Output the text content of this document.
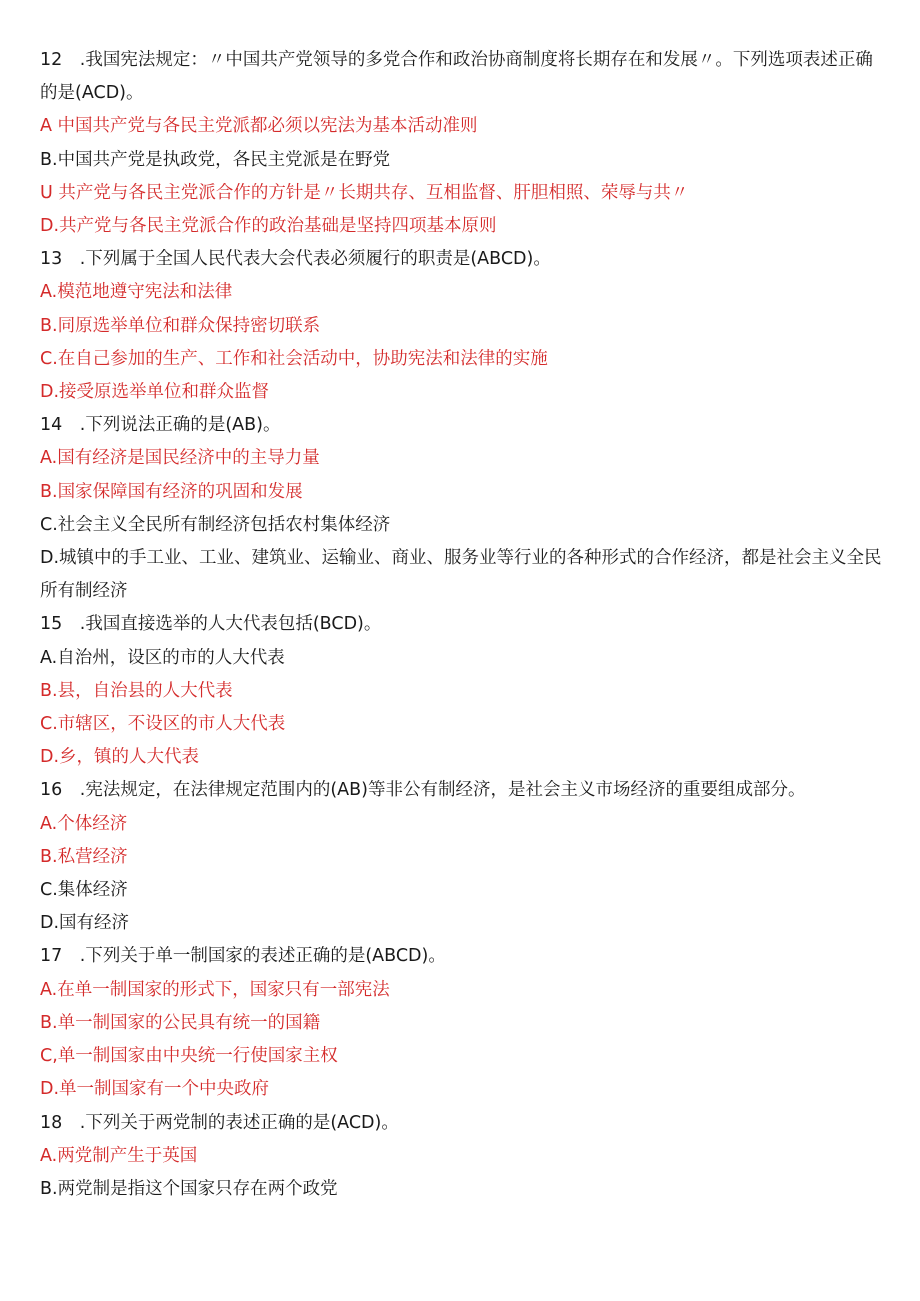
12　.我国宪法规定：〃中国共产党领导的多党合作和政治协商制度将长期存在和发展〃。下列选项表述正确的是(ACD)。

A 中国共产党与各民主党派都必须以宪法为基本活动准则

B.中国共产党是执政党，各民主党派是在野党

U 共产党与各民主党派合作的方针是〃长期共存、互相监督、肝胆相照、荣辱与共〃

D.共产党与各民主党派合作的政治基础是坚持四项基本原则

13　.下列属于全国人民代表大会代表必须履行的职责是(ABCD)。

A.模范地遵守宪法和法律

B.同原选举单位和群众保持密切联系

C.在自己参加的生产、工作和社会活动中，协助宪法和法律的实施

D.接受原选举单位和群众监督

14　.下列说法正确的是(AB)。

A.国有经济是国民经济中的主导力量

B.国家保障国有经济的巩固和发展

C.社会主义全民所有制经济包括农村集体经济

D.城镇中的手工业、工业、建筑业、运输业、商业、服务业等行业的各种形式的合作经济，都是社会主义全民所有制经济

15　.我国直接选举的人大代表包括(BCD)。

A.自治州，设区的市的人大代表

B.县，自治县的人大代表

C.市辖区，不设区的市人大代表

D.乡，镇的人大代表

16　.宪法规定，在法律规定范围内的(AB)等非公有制经济，是社会主义市场经济的重要组成部分。

A.个体经济

B.私营经济

C.集体经济

D.国有经济

17　.下列关于单一制国家的表述正确的是(ABCD)。

A.在单一制国家的形式下，国家只有一部宪法

B.单一制国家的公民具有统一的国籍

C,单一制国家由中央统一行使国家主权

D.单一制国家有一个中央政府

18　.下列关于两党制的表述正确的是(ACD)。

A.两党制产生于英国

B.两党制是指这个国家只存在两个政党
